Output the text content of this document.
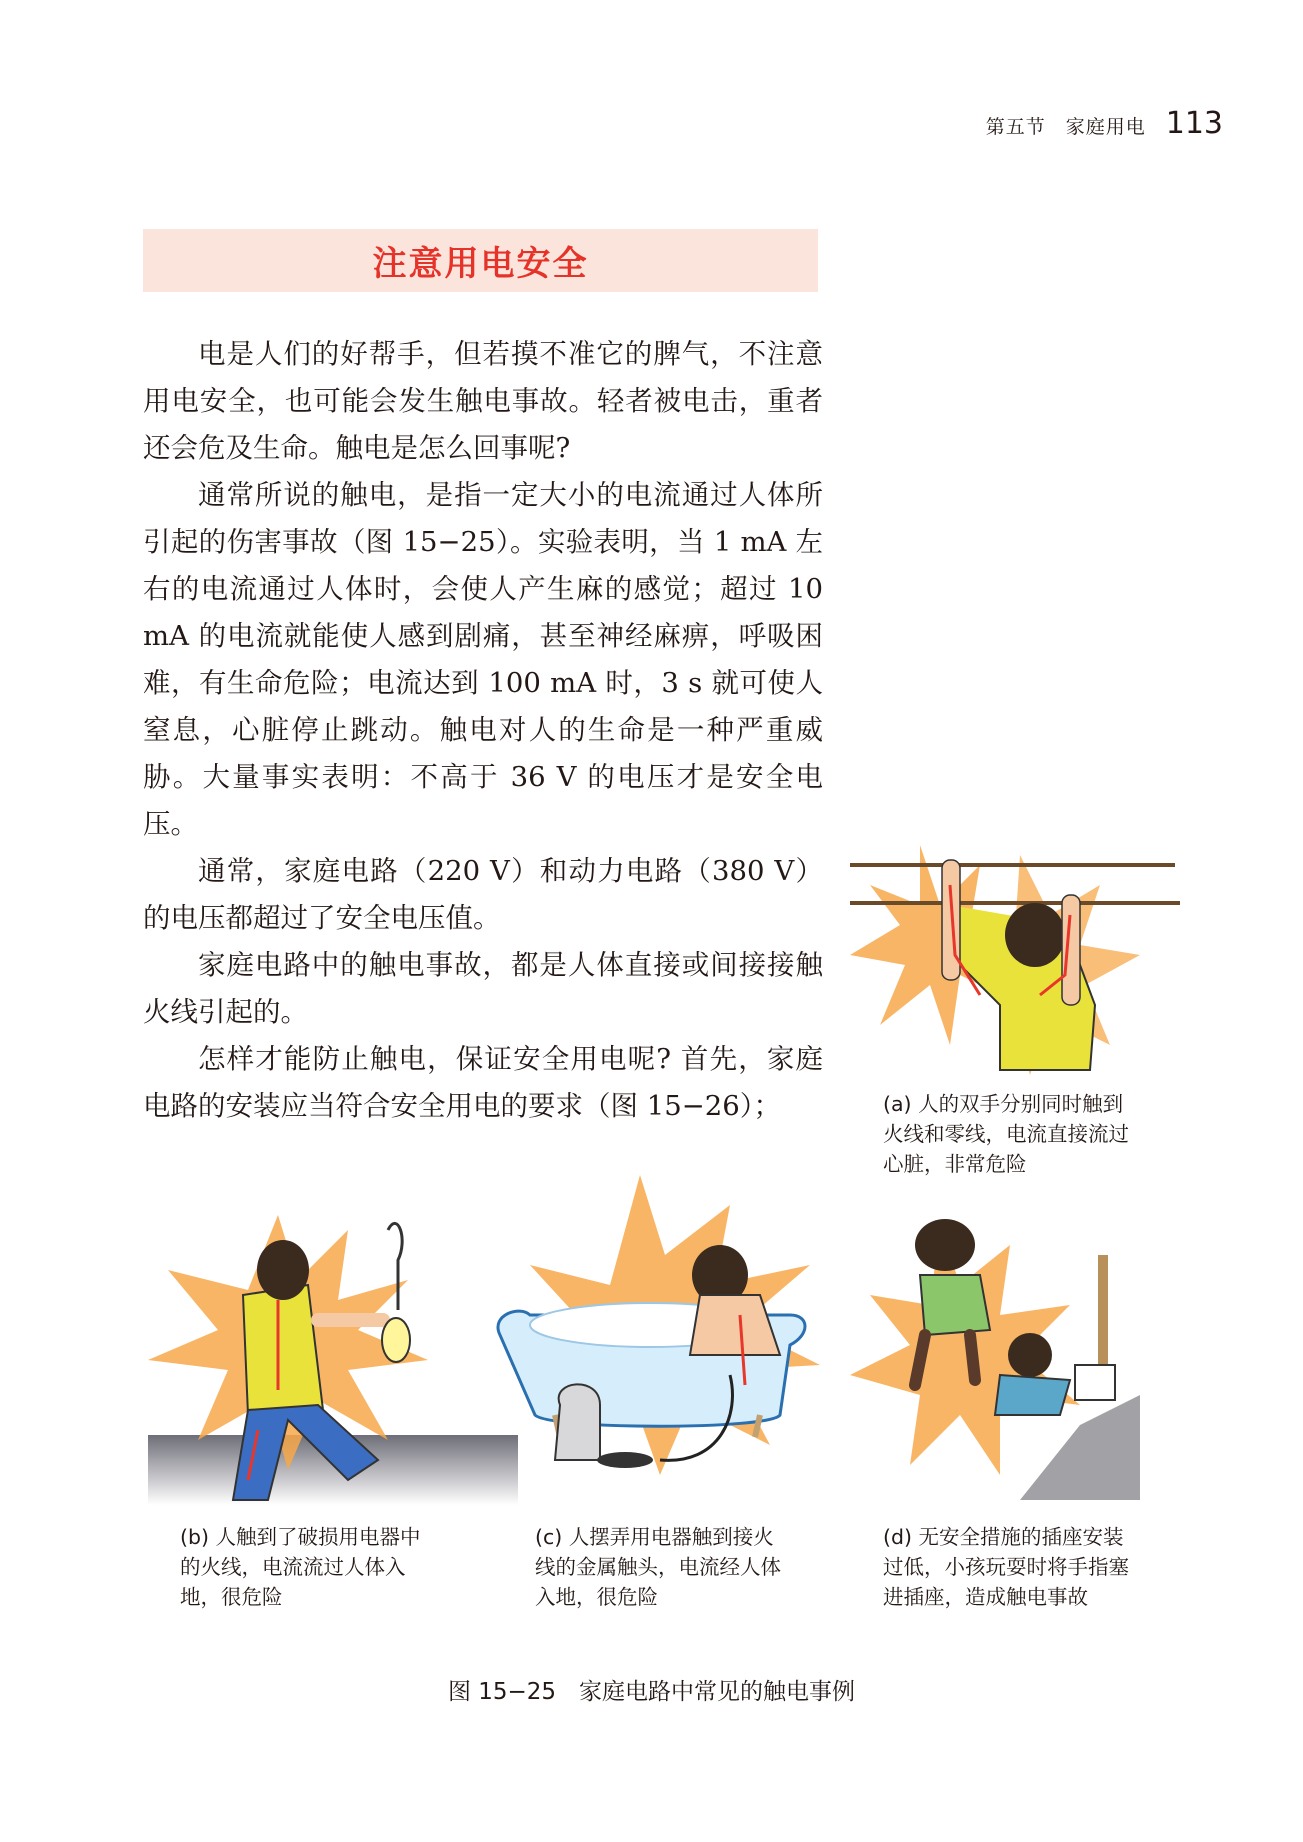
第五节　家庭用电 113
注意用电安全

电是人们的好帮手，但若摸不准它的脾气，不注意用电安全，也可能会发生触电事故。轻者被电击，重者还会危及生命。触电是怎么回事呢?

通常所说的触电，是指一定大小的电流通过人体所引起的伤害事故（图 15−25）。实验表明，当 1 mA 左右的电流通过人体时，会使人产生麻的感觉；超过 10 mA 的电流就能使人感到剧痛，甚至神经麻痹，呼吸困难，有生命危险；电流达到 100 mA 时，3 s 就可使人窒息，心脏停止跳动。触电对人的生命是一种严重威胁。大量事实表明：不高于 36 V 的电压才是安全电压。

通常，家庭电路（220 V）和动力电路（380 V）的电压都超过了安全电压值。

家庭电路中的触电事故，都是人体直接或间接接触火线引起的。

怎样才能防止触电，保证安全用电呢? 首先，家庭电路的安装应当符合安全用电的要求（图 15−26）；	(a) 人的双手分别同时触到火线和零线，电流直接流过心脏，非常危险
(b) 人触到了破损用电器中的火线，电流流过人体入地，很危险
(c) 人摆弄用电器触到接火线的金属触头，电流经人体入地，很危险
(d) 无安全措施的插座安装过低，小孩玩耍时将手指塞进插座，造成触电事故
图 15−25　家庭电路中常见的触电事例
